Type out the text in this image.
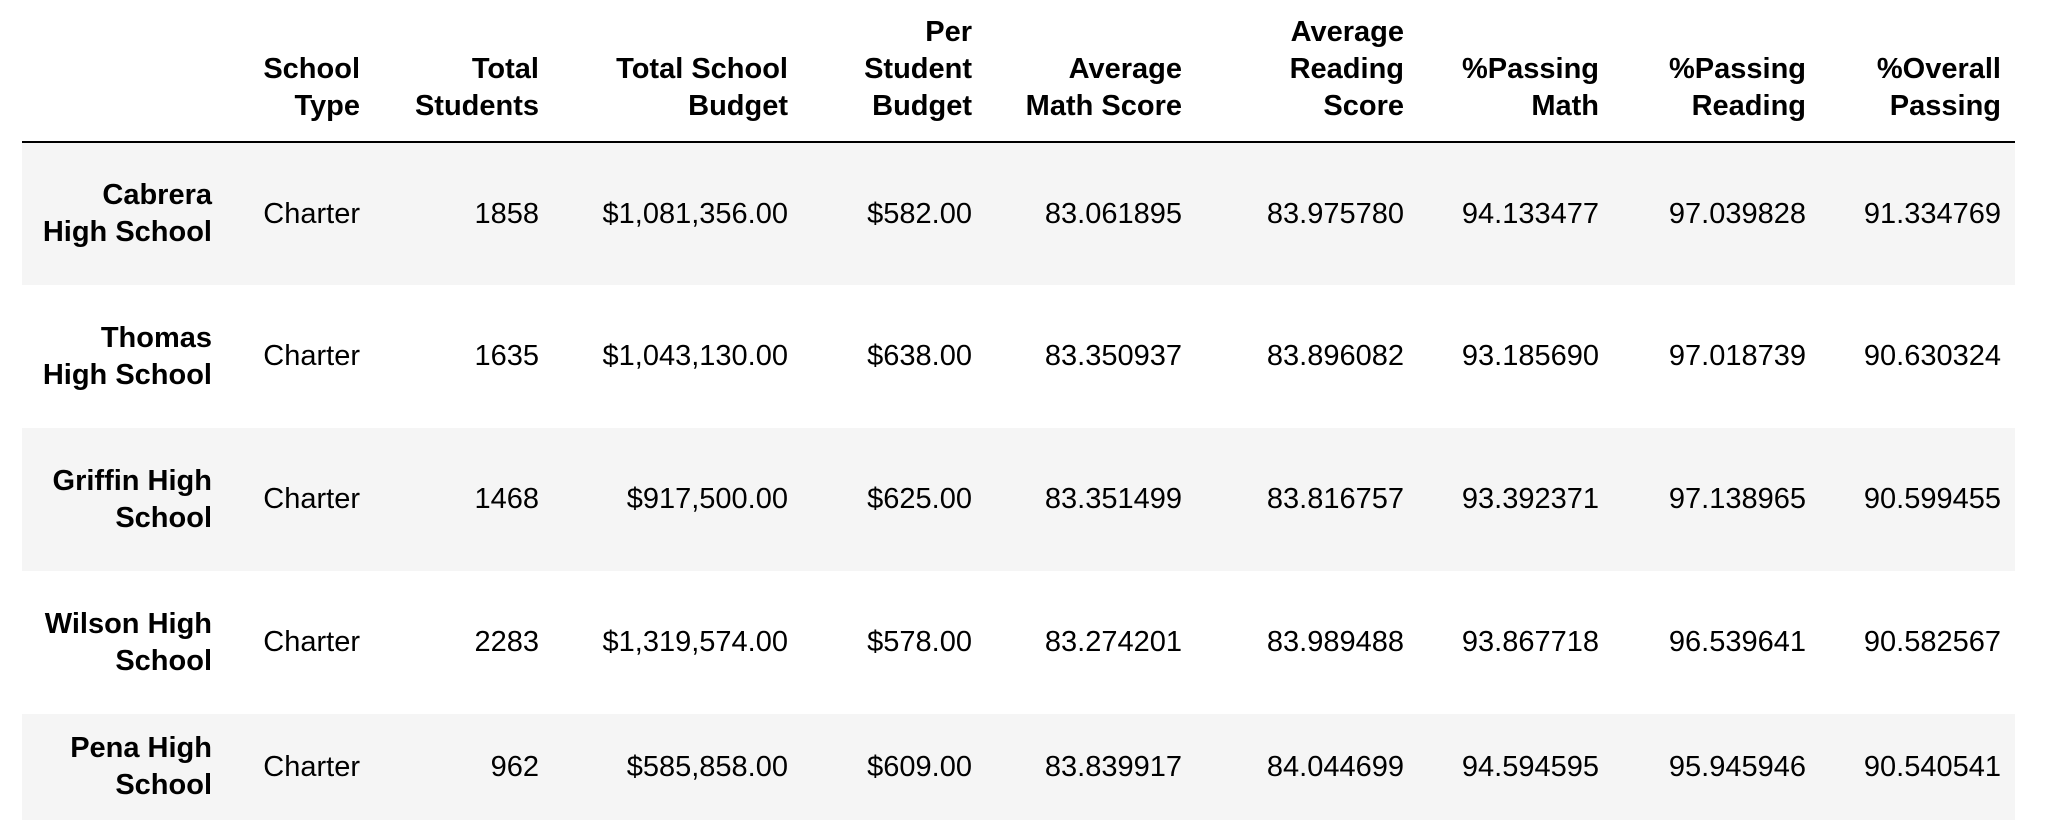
	School Type	Total Students	Total School Budget	Per Student Budget	Average Math Score	Average Reading Score	%Passing Math	%Passing Reading	%Overall Passing
Cabrera High School	Charter	1858	$1,081,356.00	$582.00	83.061895	83.975780	94.133477	97.039828	91.334769
Thomas High School	Charter	1635	$1,043,130.00	$638.00	83.350937	83.896082	93.185690	97.018739	90.630324
Griffin High School	Charter	1468	$917,500.00	$625.00	83.351499	83.816757	93.392371	97.138965	90.599455
Wilson High School	Charter	2283	$1,319,574.00	$578.00	83.274201	83.989488	93.867718	96.539641	90.582567
Pena High School	Charter	962	$585,858.00	$609.00	83.839917	84.044699	94.594595	95.945946	90.540541
